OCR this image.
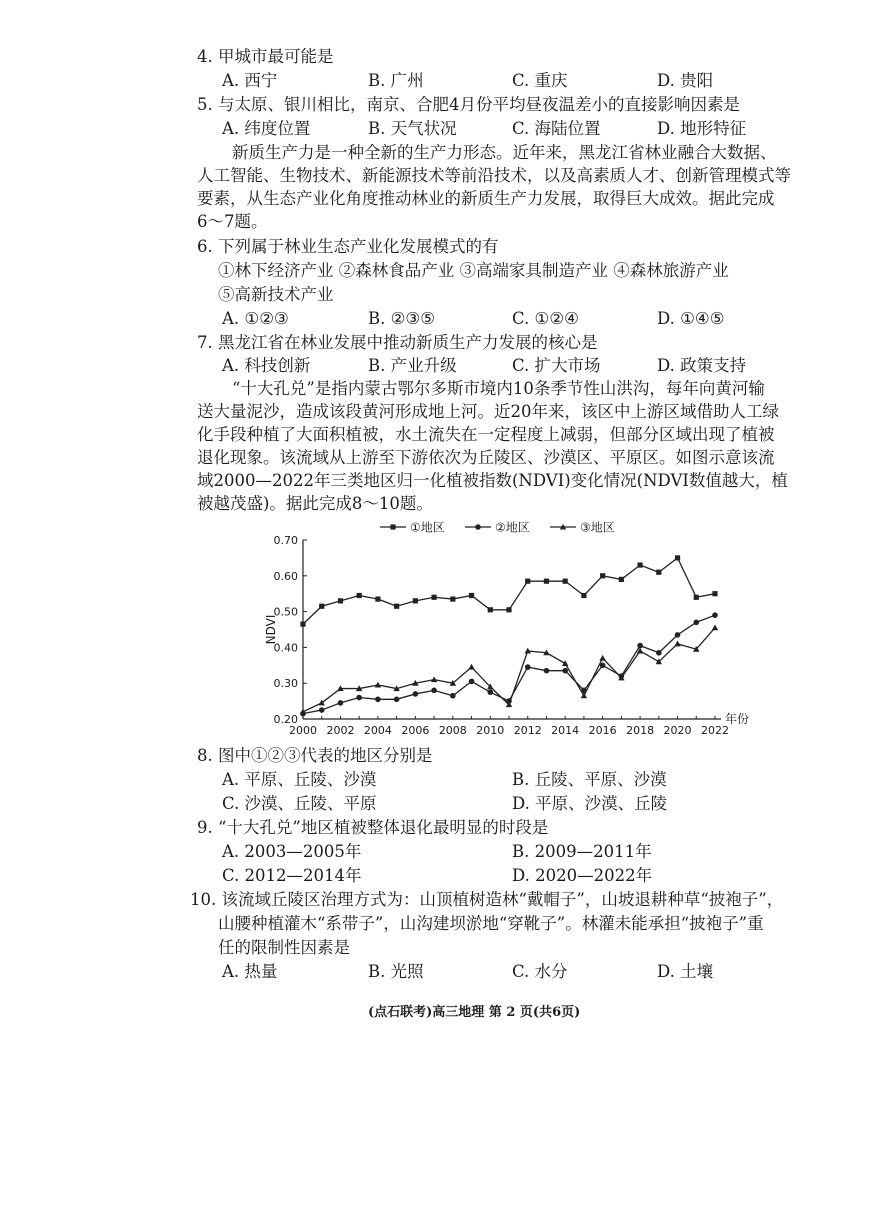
4. 甲城市最可能是
A. 西宁	B. 广州	C. 重庆	D. 贵阳
5. 与太原、银川相比，南京、合肥4月份平均昼夜温差小的直接影响因素是
A. 纬度位置	B. 天气状况	C. 海陆位置	D. 地形特征
新质生产力是一种全新的生产力形态。近年来，黑龙江省林业融合大数据、
人工智能、生物技术、新能源技术等前沿技术，以及高素质人才、创新管理模式等
要素，从生态产业化角度推动林业的新质生产力发展，取得巨大成效。据此完成
6～7题。
6. 下列属于林业生态产业化发展模式的有
①林下经济产业 ②森林食品产业 ③高端家具制造产业 ④森林旅游产业
⑤高新技术产业
A. ①②③	B. ②③⑤	C. ①②④	D. ①④⑤
7. 黑龙江省在林业发展中推动新质生产力发展的核心是
A. 科技创新	B. 产业升级	C. 扩大市场	D. 政策支持
“十大孔兑”是指内蒙古鄂尔多斯市境内10条季节性山洪沟，每年向黄河输
送大量泥沙，造成该段黄河形成地上河。近20年来，该区中上游区域借助人工绿
化手段种植了大面积植被，水土流失在一定程度上减弱，但部分区域出现了植被
退化现象。该流域从上游至下游依次为丘陵区、沙漠区、平原区。如图示意该流
域2000—2022年三类地区归一化植被指数(NDVI)变化情况(NDVI数值越大，植
被越茂盛)。据此完成8～10题。
0.20
0.30
0.40
0.50
0.60
0.70
2000 2002 2004 2006 2008 2010 2012 2014 2016 2018 2020 2022
年份
NDVI
①地区	②地区	③地区
8. 图中①②③代表的地区分别是
A. 平原、丘陵、沙漠	B. 丘陵、平原、沙漠
C. 沙漠、丘陵、平原	D. 平原、沙漠、丘陵
9. “十大孔兑”地区植被整体退化最明显的时段是
A. 2003—2005年	B. 2009—2011年
C. 2012—2014年	D. 2020—2022年
10. 该流域丘陵区治理方式为：山顶植树造林“戴帽子”，山坡退耕种草“披袍子”，
山腰种植灌木“系带子”，山沟建坝淤地“穿靴子”。林灌未能承担“披袍子”重
任的限制性因素是
A. 热量	B. 光照	C. 水分	D. 土壤
(点石联考)高三地理 第 2 页(共6页)
